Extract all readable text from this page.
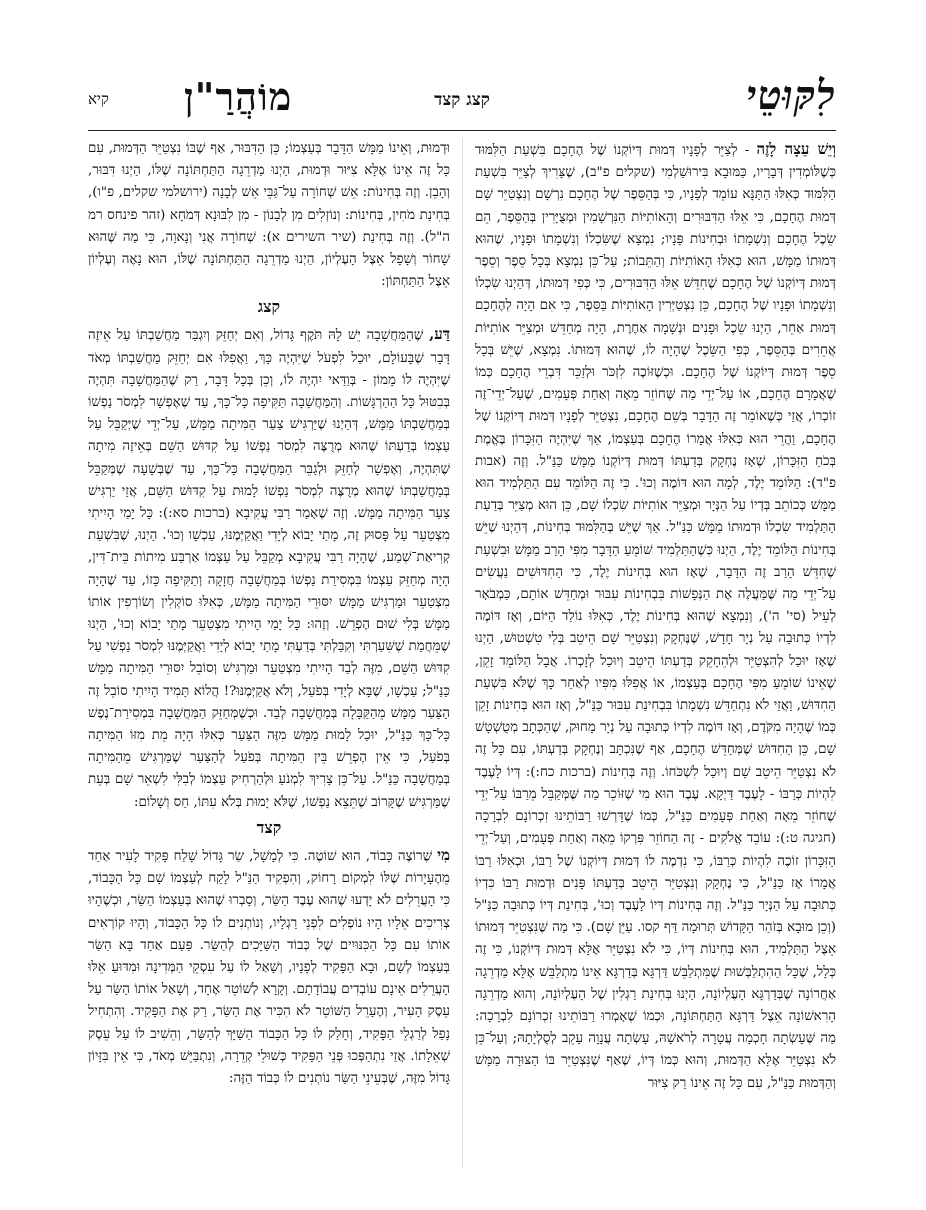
לִקּוּטֵי
קצג קצד
מוֹהֲרַ"ן
קיא

וְיֵשׁ עֵצָה לָזֶה - לְצַיֵּר לְפָנָיו דְּמוּת דְּיוֹקְנוֹ שֶׁל הֶחָכָם בִּשְׁעַת הַלִּמּוּד כְּשֶׁלּוֹמְדִין דְּבָרָיו, כַּמּוּבָא בִּירוּשַׁלְמִי (שקלים פ"ב), שֶׁצָּרִיךְ לְצַיֵּר בִּשְׁעַת הַלִּמּוּד כְּאִלּוּ הַתַּנָּא עוֹמֵד לְפָנָיו, כִּי בְּהַסֵּפֶר שֶׁל הֶחָכָם נִרְשָׁם וְנִצְטַיֵּר שָׁם דְּמוּת הֶחָכָם, כִּי אֵלּוּ הַדִּבּוּרִים וְהָאוֹתִיּוֹת הַנִּרְשָׁמִין וּמְצֻיָּרִין בְּהַסֵּפֶר, הֵם שֵׂכֶל הֶחָכָם וְנִשְׁמָתוֹ וּבְחִינוֹת פָּנָיו; נִמְצָא שֶׁשִּׂכְלוֹ וְנִשְׁמָתוֹ וּפָנָיו, שֶׁהוּא דְּמוּתוֹ מַמָּשׁ, הוּא כְּאִלּוּ הָאוֹתִיּוֹת וְהַתֵּבוֹת; עַל־כֵּן נִמְצָא בְּכָל סֵפֶר וְסֵפֶר דְּמוּת דְּיוֹקְנוֹ שֶׁל הֶחָכָם שֶׁחִדֵּשׁ אֵלּוּ הַדִּבּוּרִים, כִּי כְּפִי דְּמוּתוֹ, דְּהַיְנוּ שִׂכְלוֹ וְנִשְׁמָתוֹ וּפָנָיו שֶׁל הֶחָכָם, כֵּן נִצְטַיְּרִין הָאוֹתִיּוֹת בַּסֵּפֶר, כִּי אִם הָיָה לְהֶחָכָם דְּמוּת אַחֵר, הַיְנוּ שֵׂכֶל וּפָנִים וּנְשָׁמָה אַחֶרֶת, הָיָה מְחַדֵּשׁ וּמְצַיֵּר אוֹתִיּוֹת אֲחֵרִים בְּהַסֵּפֶר, כְּפִי הַשֵּׂכֶל שֶׁהָיָה לוֹ, שֶׁהוּא דְּמוּתוֹ. נִמְצָא, שֶׁיֵּשׁ בְּכָל סֵפֶר דְּמוּת דְּיוֹקְנוֹ שֶׁל הֶחָכָם. וּכְשֶׁזּוֹכֶה לִזְכֹּר וּלְזַכֵּר דִּבְרֵי הֶחָכָם כְּמוֹ שֶׁאֲמָרָם הֶחָכָם, אוֹ עַל־יְדֵי מַה שֶּׁחוֹזֵר מֵאָה וְאַחַת פְּעָמִים, שֶׁעַל־יְדֵי־זֶה זוֹכְרוֹ, אֲזַי כְּשֶׁאוֹמֵר זֶה הַדָּבָר בְּשֵׁם הֶחָכָם, נִצְטַיֵּר לְפָנָיו דְּמוּת דְּיוֹקְנוֹ שֶׁל הֶחָכָם, וַהֲרֵי הוּא כְּאִלּוּ אֲמָרוֹ הֶחָכָם בְּעַצְמוֹ, אַךְ שֶׁיִּהְיֶה הַזִּכָּרוֹן בֶּאֱמֶת בְּכֹחַ הַזִּכָּרוֹן, שֶׁאָז נֶחְקָק בְּדַעְתּוֹ דְּמוּת דְּיוֹקְנוֹ מַמָּשׁ כַּנַּ"ל. וְזֶה (אבות פ"ד): הַלּוֹמֵד יֶלֶד, לְמָה הוּא דּוֹמֶה וְכוּ'. כִּי זֶה הַלּוֹמֵד עִם הַתַּלְמִיד הוּא מַמָּשׁ כְּכוֹתֵב בְּדְיוֹ עַל הַנְּיָר וּמְצַיֵּר אוֹתִיּוֹת שִׂכְלוֹ שָׁם, כֵּן הוּא מְצַיֵּר בְּדַעַת הַתַּלְמִיד שִׂכְלוֹ וּדְמוּתוֹ מַמָּשׁ כַּנַּ"ל. אַךְ שֶׁיֵּשׁ בְּהַלִּמּוּד בְּחִינוֹת, דְּהַיְנוּ שֶׁיֵּשׁ בְּחִינוֹת הַלּוֹמֵד יֶלֶד, הַיְנוּ כְּשֶׁהַתַּלְמִיד שׁוֹמֵעַ הַדָּבָר מִפִּי הָרַב מַמָּשׁ וּבִשְׁעַת שֶׁחִדֵּשׁ הָרַב זֶה הַדָּבָר, שֶׁאָז הוּא בְּחִינוֹת יֶלֶד, כִּי הַחִדּוּשִׁים נַעֲשִׂים עַל־יְדֵי מַה שֶּׁמַּעֲלֶה אֶת הַנְּפָשׁוֹת בִּבְחִינוֹת עִבּוּר וּמְחַדֵּשׁ אוֹתָם, כַּמְבֹאָר לְעֵיל (סי' ה'), וְנִמְצָא שֶׁהוּא בְּחִינוֹת יֶלֶד, כְּאִלּוּ נוֹלַד הַיּוֹם, וְאָז דּוֹמֶה לִדְיוֹ כְּתוּבָה עַל נְיָר חָדָשׁ, שֶׁנֶּחְקָק וְנִצְטַיֵּר שָׁם הֵיטֵב בְּלִי טִשְׁטוּשׁ, הַיְנוּ שֶׁאָז יוּכַל לְהִצְטַיֵּר וּלְהֵחָקֵק בְּדַעְתּוֹ הֵיטֵב וְיוּכַל לְזָכְרוֹ. אֲבָל הַלּוֹמֵד זָקֵן, שֶׁאֵינוֹ שׁוֹמֵעַ מִפִּי הֶחָכָם בְּעַצְמוֹ, אוֹ אֲפִלּוּ מִפִּיו לְאַחַר כָּךְ שֶׁלֹּא בִּשְׁעַת הַחִדּוּשׁ, וַאֲזַי לֹא נִתְחַדֵּשׁ נִשְׁמָתוֹ בִּבְחִינַת עִבּוּר כַּנַּ"ל, וְאָז הוּא בְּחִינוֹת זָקֵן כְּמוֹ שֶׁהָיָה מִקֹּדֶם, וְאָז דּוֹמֶה לִדְיוֹ כְּתוּבָה עַל נְיָר מָחוּק, שֶׁהַכְּתָב מְטֻשְׁטָשׁ שָׁם, כֵּן הַחִדּוּשׁ שֶׁמְּחַדֵּשׁ הֶחָכָם, אַף שֶׁנִּכְתָּב וְנֶחְקָק בְּדַעְתּוֹ, עִם כָּל זֶה לֹא נִצְטַיֵּר הֵיטֵב שָׁם וְיוּכַל לִשְׁכֹּחוֹ. וְזֶה בְּחִינוֹת (ברכות כח:): דְּיוֹ לָעֶבֶד לִהְיוֹת כְּרַבּוֹ - לָעֶבֶד דַּיְקָא. עֶבֶד הוּא מִי שֶׁזּוֹכֵר מַה שֶּׁמְּקַבֵּל מֵרַבּוֹ עַל־יְדֵי שֶׁחוֹזֵר מֵאָה וְאַחַת פְּעָמִים כַּנַּ"ל, כְּמוֹ שֶׁדָּרְשׁוּ רַבּוֹתֵינוּ זִכְרוֹנָם לִבְרָכָה (חגיגה ט:): עוֹבֵד אֱלֹקִים - זֶה הַחוֹזֵר פִּרְקוֹ מֵאָה וְאַחַת פְּעָמִים, וְעַל־יְדֵי הַזִּכָּרוֹן זוֹכֶה לִהְיוֹת כְּרַבּוֹ, כִּי נִדְמֶה לוֹ דְּמוּת דְּיוֹקְנוֹ שֶׁל רַבּוֹ, וּכְאִלּוּ רַבּוֹ אֲמָרוֹ אָז כַּנַּ"ל, כִּי נֶחְקָק וְנִצְטַיֵּר הֵיטֵב בְּדַעְתּוֹ פָּנִים וּדְמוּת רַבּוֹ כִּדְיוֹ כְּתוּבָה עַל הַנְּיָר כַּנַּ"ל. וְזֶה בְּחִינוֹת דְּיוֹ לָעֶבֶד וְכוּ', בְּחִינַת דְּיוֹ כְּתוּבָה כַּנַּ"ל (וְכֵן מוּבָא בְּזֹהַר הַקָּדוֹשׁ תְּרוּמָה דַּף קסו. עַיֵּן שָׁם). כִּי מַה שֶּׁנִּצְטַיֵּר דְּמוּתוֹ אֵצֶל הַתַּלְמִיד, הוּא בְּחִינוֹת דְּיוֹ, כִּי לֹא נִצְטַיֵּר אֶלָּא דְּמוּת דְּיוֹקְנוֹ, כִּי זֶה כְּלָל, שֶׁכָּל הַהִתְלַבְּשׁוּת שֶׁמִּתְלַבֵּשׁ דַּרְגָּא בְּדַרְגָּא אֵינוֹ מִתְלַבֵּשׁ אֶלָּא מַדְרֵגָה אַחֲרוֹנָה שֶׁבְּדַרְגָּא הָעֶלְיוֹנָה, הַיְנוּ בְּחִינַת רַגְלִין שֶׁל הָעֶלְיוֹנָה, וְהוּא מַדְרֵגָה הָרִאשׁוֹנָה אֵצֶל דַּרְגָּא הַתַּחְתּוֹנָה, וּכְמוֹ שֶׁאָמְרוּ רַבּוֹתֵינוּ זִכְרוֹנָם לִבְרָכָה: מַה שֶּׁעָשְׂתָה חָכְמָה עֲטָרָה לְרֹאשָׁהּ, עָשְׂתָה עֲנָוָה עָקֵב לְסֻלְיָתָהּ; וְעַל־כֵּן לֹא נִצְטַיֵּר אֶלָּא הַדְּמוּת, וְהוּא כְּמוֹ דְּיוֹ, שֶׁאַף שֶׁנִּצְטַיֵּר בּוֹ הַצּוּרָה מַמָּשׁ וְהַדְּמוּת כַּנַּ"ל, עִם כָּל זֶה אֵינוֹ רַק צִיּוּר

וּדְמוּת, וְאֵינוֹ מַמָּשׁ הַדָּבָר בְּעַצְמוֹ; כֵּן הַדִּבּוּר, אַף שֶׁבּוֹ נִצְטַיֵּר הַדְּמוּת, עִם כָּל זֶה אֵינוֹ אֶלָּא צִיּוּר וּדְמוּת, הַיְנוּ מַדְרֵגָה הַתַּחְתּוֹנָה שֶׁלּוֹ, הַיְנוּ דִּבּוּר, וְהָבֵן. וְזֶה בְּחִינוֹת: אֵשׁ שְׁחוֹרָה עַל־גַּבֵּי אֵשׁ לְבָנָה (ירושלמי שקלים, פ"ו), בְּחִינַת מֹחִין, בְּחִינוֹת: וְנוֹזְלִים מִן לְבָנוֹן - מִן לִבּוּנָא דְּמֹחָא (זהר פינחס רמ ה"ל). וְזֶה בְּחִינַת (שיר השירים א): שְׁחוֹרָה אֲנִי וְנָאוָה, כִּי מַה שֶּׁהוּא שָׁחוֹר וְשָׁפָל אֵצֶל הָעֶלְיוֹן, הַיְנוּ מַדְרֵגָה הַתַּחְתּוֹנָה שֶׁלּוֹ, הוּא נָאֶה וְעֶלְיוֹן אֵצֶל הַתַּחְתּוֹן:

קצג

דַּע, שֶׁהַמַּחֲשָׁבָה יֵשׁ לָהּ תֹּקֶף גָּדוֹל, וְאִם יְחַזֵּק וְיִגְבַּר מַחֲשַׁבְתּוֹ עַל אֵיזֶה דָּבָר שֶׁבָּעוֹלָם, יוּכַל לִפְעֹל שֶׁיִּהְיֶה כָּךְ, וַאֲפִלּוּ אִם יְחַזֵּק מַחֲשַׁבְתּוֹ מְאֹד שֶׁיִּהְיֶה לוֹ מָמוֹן - בְּוַדַּאי יִהְיֶה לוֹ, וְכֵן בְּכָל דָּבָר, רַק שֶׁהַמַּחֲשָׁבָה תִּהְיֶה בְּבִטּוּל כָּל הַהַרְגָּשׁוֹת. וְהַמַּחֲשָׁבָה תַּקִּיפָה כָּל־כָּךְ, עַד שֶׁאֶפְשָׁר לִמְסֹר נַפְשׁוֹ בְּמַחֲשַׁבְתּוֹ מַמָּשׁ, דְּהַיְנוּ שֶׁיַּרְגִּישׁ צַעַר הַמִּיתָה מַמָּשׁ, עַל־יְדֵי שֶׁיְּקַבֵּל עַל עַצְמוֹ בְּדַעְתּוֹ שֶׁהוּא מְרֻצֶּה לִמְסֹר נַפְשׁוֹ עַל קִדּוּשׁ הַשֵּׁם בְּאֵיזֶה מִיתָה שֶׁתִּהְיֶה, וְאֶפְשָׁר לְחַזֵּק וּלְגַבֵּר הַמַּחֲשָׁבָה כָּל־כָּךְ, עַד שֶׁבְּשָׁעָה שֶׁמְּקַבֵּל בְּמַחֲשַׁבְתּוֹ שֶׁהוּא מְרֻצֶּה לִמְסֹר נַפְשׁוֹ לָמוּת עַל קִדּוּשׁ הַשֵּׁם, אֲזַי יַרְגִּישׁ צַעַר הַמִּיתָה מַמָּשׁ. וְזֶה שֶׁאָמַר רַבִּי עֲקִיבָא (ברכות סא:): כָּל יָמַי הָיִיתִי מִצְטַעֵר עַל פָּסוּק זֶה, מָתַי יָבוֹא לְיָדִי וַאֲקַיְּמֶנּוּ, עַכְשָׁו וְכוּ'. הַיְנוּ, שֶׁבִּשְׁעַת קְרִיאַת־שְׁמַע, שֶׁהָיָה רַבִּי עֲקִיבָא מְקַבֵּל עַל עַצְמוֹ אַרְבַּע מִיתוֹת בֵּית־דִּין, הָיָה מְחַזֵּק עַצְמוֹ בִּמְסִירַת נַפְשׁוֹ בְּמַחֲשָׁבָה חֲזָקָה וְתַקִּיפָה כָּזוֹ, עַד שֶׁהָיָה מִצְטַעֵר וּמַרְגִּישׁ מַמָּשׁ יִסּוּרֵי הַמִּיתָה מַמָּשׁ, כְּאִלּוּ סוֹקְלִין וְשׂוֹרְפִין אוֹתוֹ מַמָּשׁ בְּלִי שׁוּם הֶפְרֵשׁ. וְזֶהוּ: כָּל יָמַי הָיִיתִי מִצְטַעֵר מָתַי יָבוֹא וְכוּ', הַיְנוּ שֶׁמֵּחֲמַת שֶׁשִּׁעַרְתִּי וְקִבַּלְתִּי בְּדַעְתִּי מָתַי יָבוֹא לְיָדִי וַאֲקַיְּמֶנּוּ לִמְסֹר נַפְשִׁי עַל קִדּוּשׁ הַשֵּׁם, מִזֶּה לְבַד הָיִיתִי מִצְטַעֵר וּמַרְגִּישׁ וְסוֹבֵל יִסּוּרֵי הַמִּיתָה מַמָּשׁ כַּנַּ"ל; עַכְשָׁו, שֶׁבָּא לְיָדִי בְּפֹעַל, וְלֹא אֲקַיְּמֶנּוּ?! הֲלוֹא תָּמִיד הָיִיתִי סוֹבֵל זֶה הַצַּעַר מַמָּשׁ מֵהַקַּבָּלָה בְּמַחֲשָׁבָה לְבַד. וּכְשֶׁמְּחַזֵּק הַמַּחֲשָׁבָה בִּמְסִירַת־נֶפֶשׁ כָּל־כָּךְ כַּנַּ"ל, יוּכַל לָמוּת מַמָּשׁ מִזֶּה הַצַּעַר כְּאִלּוּ הָיָה מֵת מִזּוֹ הַמִּיתָה בְּפֹעַל, כִּי אֵין הֶפְרֵשׁ בֵּין הַמִּיתָה בְּפֹעַל לְהַצַּעַר שֶׁמַּרְגִּישׁ מֵהַמִּיתָה בְּמַחֲשָׁבָה כַּנַּ"ל. עַל־כֵּן צָרִיךְ לִמְנֹעַ וּלְהַרְחִיק עַצְמוֹ לְבִלִּי לִשְׁאֵר שָׁם בְּעֵת שֶׁמַּרְגִּישׁ שֶׁקָּרוֹב שֶׁתֵּצֵא נַפְשׁוֹ, שֶׁלֹּא יָמוּת בְּלֹא עִתּוֹ, חַס וְשָׁלוֹם:

קצד

מִי שֶׁרוֹצֶה כָּבוֹד, הוּא שׁוֹטֶה. כִּי לְמָשָׁל, שַׂר גָּדוֹל שָׁלַח פָּקִיד לָעִיר אַחַד מֵהֶעָיָרוֹת שֶׁלּוֹ לִמְקוֹם רָחוֹק, וְהִפְקִיד הַנַּ"ל לָקַח לְעַצְמוֹ שָׁם כָּל הַכָּבוֹד, כִּי הָעֲרֵלִים לֹא יָדְעוּ שֶׁהוּא עֶבֶד הַשַּׂר, וְסָבְרוּ שֶׁהוּא בְּעַצְמוֹ הַשַּׂר, וּכְשֶׁהָיוּ צְרִיכִים אֵלָיו הָיוּ נוֹפְלִים לִפְנֵי רַגְלָיו, וְנוֹתְנִים לוֹ כָּל הַכָּבוֹד, וְהָיוּ קוֹרְאִים אוֹתוֹ עִם כָּל הַכִּנּוּיִים שֶׁל כְּבוֹד הַשַּׁיָּכִים לְהַשַּׂר. פַּעַם אַחַד בָּא הַשַּׂר בְּעַצְמוֹ לְשָׁם, וּבָא הַפָּקִיד לְפָנָיו, וְשָׁאַל לוֹ עַל עִסְקֵי הַמְּדִינָה וּמִדּוּעַ אֵלּוּ הָעֲרֵלִים אֵינָם עוֹבְדִים עֲבוֹדָתָם. וְקָרָא לְשׁוֹטֵר אֶחָד, וְשָׁאַל אוֹתוֹ הַשַּׂר עַל עֵסֶק הָעִיר, וְהֶעָרֵל הַשּׁוֹטֵר לֹא הִכִּיר אֶת הַשַּׂר, רַק אֶת הַפָּקִיד. וְהִתְחִיל נָפַל לְרַגְלֵי הַפָּקִיד, וְחָלַק לוֹ כָּל הַכָּבוֹד הַשַּׁיָּךְ לְהַשַּׂר, וְהֵשִׁיב לוֹ עַל עֵסֶק שְׁאֵלָתוֹ. אֲזַי נִתְהַפְּכוּ פְּנֵי הַפָּקִיד כְּשׁוּלֵי קְדֵרָה, וְנִתְבַּיֵּשׁ מְאֹד, כִּי אֵין בִּזָּיוֹן גָּדוֹל מִזֶּה, שֶׁבְּעֵינֵי הַשַּׂר נוֹתְנִים לוֹ כְּבוֹד הַזֶּה:
